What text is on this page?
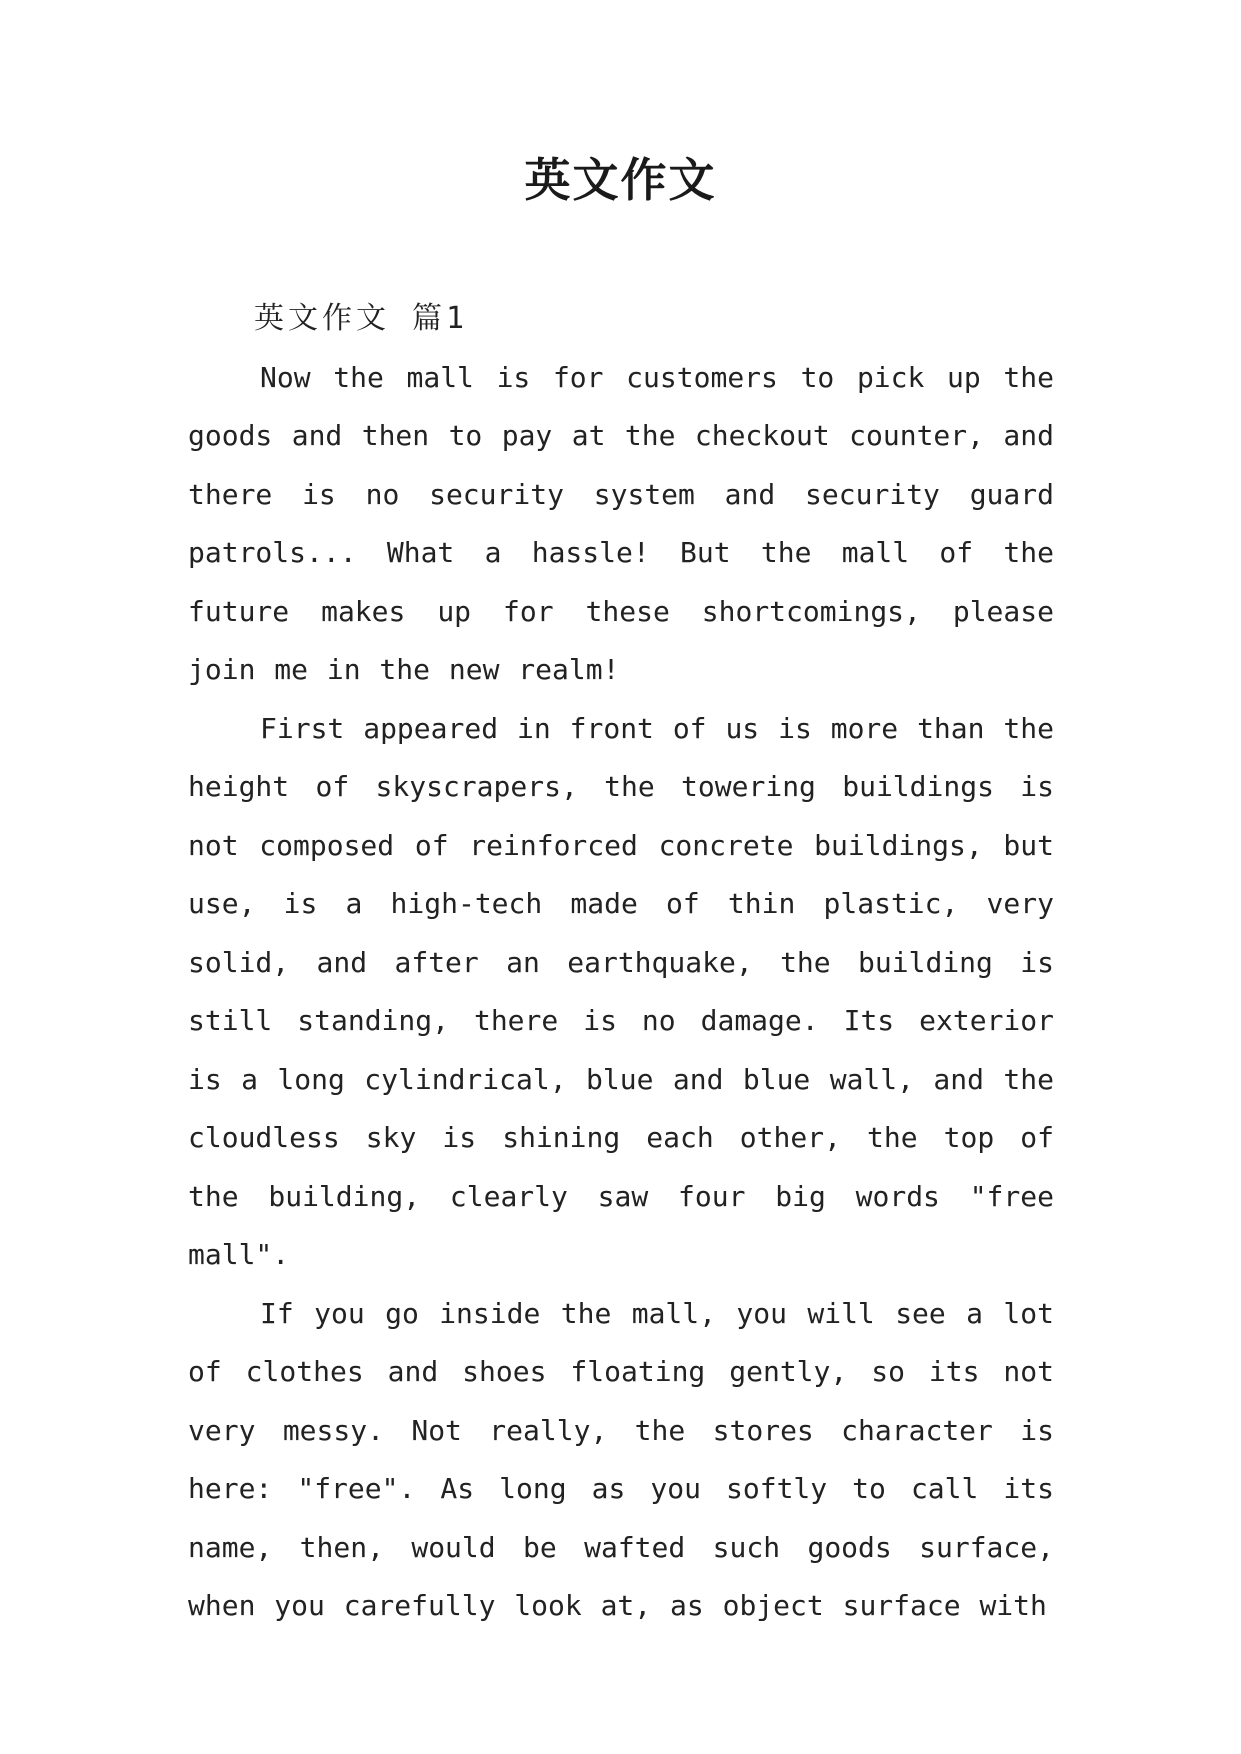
英文作文
英文作文 篇1

Now the mall is for customers to pick up the goods and then to pay at the checkout counter, and there is no security system and security guard patrols... What a hassle! But the mall of the future makes up for these shortcomings, please join me in the new realm!

First appeared in front of us is more than the height of skyscrapers, the towering buildings is not composed of reinforced concrete buildings, but use, is a high-tech made of thin plastic, very solid, and after an earthquake, the building is still standing, there is no damage. Its exterior is a long cylindrical, blue and blue wall, and the cloudless sky is shining each other, the top of the building, clearly saw four big words "free mall".

If you go inside the mall, you will see a lot of clothes and shoes floating gently, so its not very messy. Not really, the stores character is here: "free". As long as you softly to call its name, then, would be wafted such goods surface, when you carefully look at, as object surface with
